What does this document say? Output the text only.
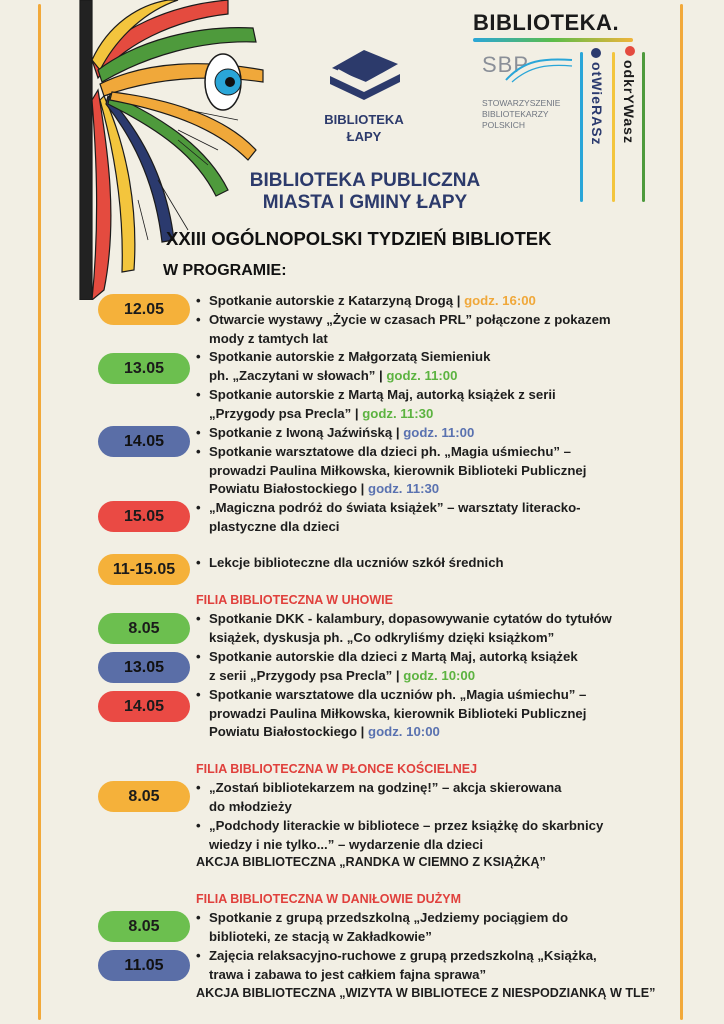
BIBLIOTEKA
ŁAPY
BIBLIOTEKA.
SBP
STOWARZYSZENIE
BIBLIOTEKARZY
POLSKICH	otWieRASz odkrYWasz
BIBLIOTEKA PUBLICZNA
MIASTA I GMINY ŁAPY
XXIII OGÓLNOPOLSKI TYDZIEŃ BIBLIOTEK
W PROGRAMIE:
12.05
13.05
14.05
15.05
11-15.05
8.05
13.05
14.05
8.05
8.05
11.05
• Spotkanie autorskie z Katarzyną Drogą | godz. 16:00
• Otwarcie wystawy „Życie w czasach PRL” połączone z pokazem
mody z tamtych lat
• Spotkanie autorskie z Małgorzatą Siemieniuk
ph. „Zaczytani w słowach” | godz. 11:00
• Spotkanie autorskie z Martą Maj, autorką książek z serii
„Przygody psa Precla” | godz. 11:30
• Spotkanie z Iwoną Jaźwińską | godz. 11:00
• Spotkanie warsztatowe dla dzieci ph. „Magia uśmiechu” –
prowadzi Paulina Miłkowska, kierownik Biblioteki Publicznej
Powiatu Białostockiego | godz. 11:30
• „Magiczna podróż do świata książek” – warsztaty literacko-
plastyczne dla dzieci
• Lekcje biblioteczne dla uczniów szkół średnich
FILIA BIBLIOTECZNA W UHOWIE
• Spotkanie DKK - kalambury, dopasowywanie cytatów do tytułów
książek, dyskusja ph. „Co odkryliśmy dzięki książkom”
• Spotkanie autorskie dla dzieci z Martą Maj, autorką książek
z serii „Przygody psa Precla” | godz. 10:00
• Spotkanie warsztatowe dla uczniów ph. „Magia uśmiechu” –
prowadzi Paulina Miłkowska, kierownik Biblioteki Publicznej
Powiatu Białostockiego | godz. 10:00
FILIA BIBLIOTECZNA W PŁONCE KOŚCIELNEJ
• „Zostań bibliotekarzem na godzinę!” – akcja skierowana
do młodzieży
• „Podchody literackie w bibliotece – przez książkę do skarbnicy
wiedzy i nie tylko...” – wydarzenie dla dzieci
AKCJA BIBLIOTECZNA „RANDKA W CIEMNO Z KSIĄŻKĄ”
FILIA BIBLIOTECZNA W DANIŁOWIE DUŻYM
• Spotkanie z grupą przedszkolną „Jedziemy pociągiem do
biblioteki, ze stacją w Zakładkowie”
• Zajęcia relaksacyjno-ruchowe z grupą przedszkolną „Książka,
trawa i zabawa to jest całkiem fajna sprawa”
AKCJA BIBLIOTECZNA „WIZYTA W BIBLIOTECE Z NIESPODZIANKĄ W TLE”
